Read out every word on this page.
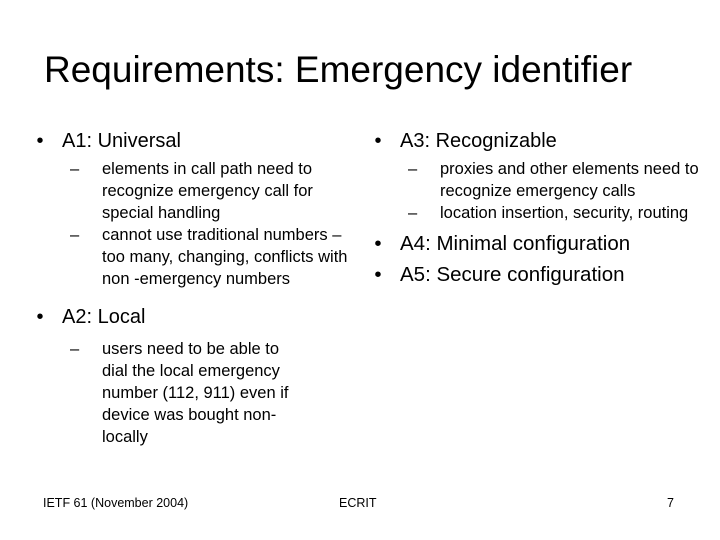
Requirements: Emergency identifier
• A1: Universal
– elements in call path need to recognize emergency call for special handling
– cannot use traditional numbers – too many, changing, conflicts with non -emergency numbers
• A2: Local
– users need to be able to dial the local emergency number (112, 911) even if device was bought non-locally
• A3: Recognizable
– proxies and other elements need to recognize emergency calls
– location insertion, security, routing
• A4: Minimal configuration
• A5: Secure configuration
IETF 61 (November 2004)	ECRIT	7
